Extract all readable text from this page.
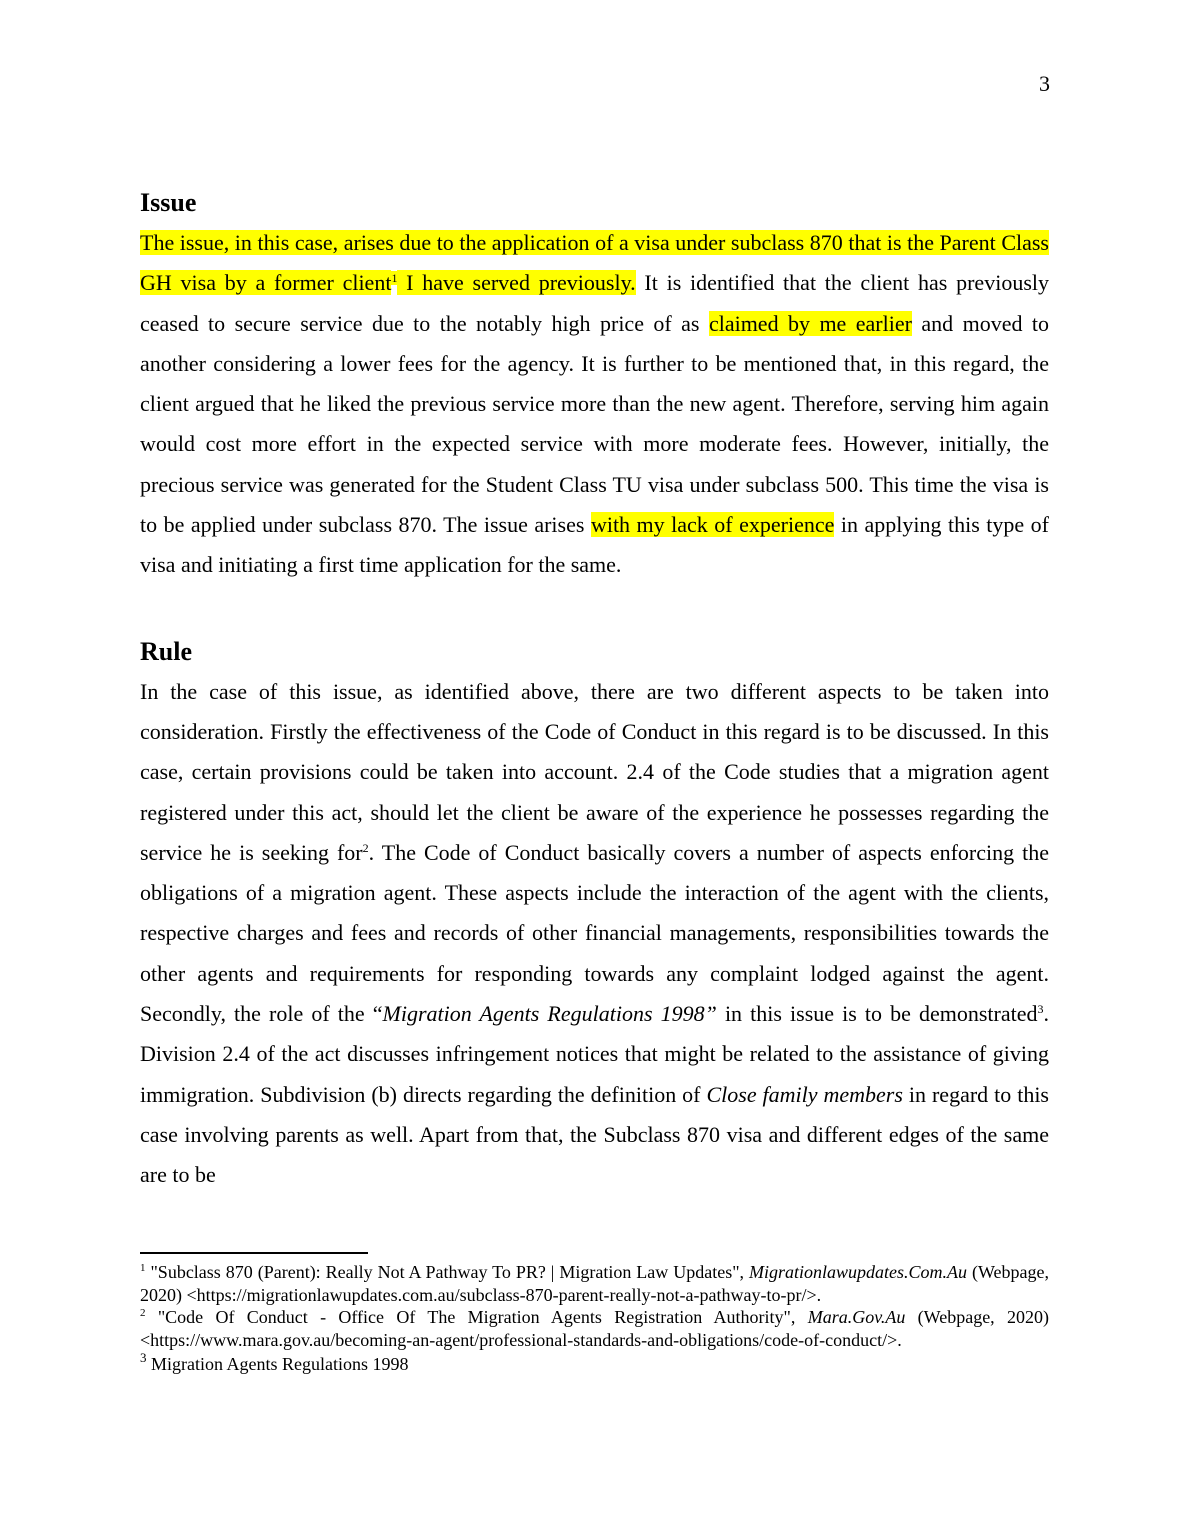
3
Issue

The issue, in this case, arises due to the application of a visa under subclass 870 that is the Parent Class GH visa by a former client$^1$ I have served previously. It is identified that the client has previously ceased to secure service due to the notably high price of as claimed by me earlier and moved to another considering a lower fees for the agency. It is further to be mentioned that, in this regard, the client argued that he liked the previous service more than the new agent. Therefore, serving him again would cost more effort in the expected service with more moderate fees. However, initially, the precious service was generated for the Student Class TU visa under subclass 500. This time the visa is to be applied under subclass 870. The issue arises with my lack of experience in applying this type of visa and initiating a first time application for the same.

Rule

In the case of this issue, as identified above, there are two different aspects to be taken into consideration. Firstly the effectiveness of the Code of Conduct in this regard is to be discussed. In this case, certain provisions could be taken into account. 2.4 of the Code studies that a migration agent registered under this act, should let the client be aware of the experience he possesses regarding the service he is seeking for$^2$. The Code of Conduct basically covers a number of aspects enforcing the obligations of a migration agent. These aspects include the interaction of the agent with the clients, respective charges and fees and records of other financial managements, responsibilities towards the other agents and requirements for responding towards any complaint lodged against the agent. Secondly, the role of the “Migration Agents Regulations 1998” in this issue is to be demonstrated$^3$. Division 2.4 of the act discusses infringement notices that might be related to the assistance of giving immigration. Subdivision (b) directs regarding the definition of Close family members in regard to this case involving parents as well. Apart from that, the Subclass 870 visa and different edges of the same are to be

$^1$ "Subclass 870 (Parent): Really Not A Pathway To PR? | Migration Law Updates", Migrationlawupdates.Com.Au (Webpage, 2020) <https://migrationlawupdates.com.au/subclass-870-parent-really-not-a-pathway-to-pr/>.

$^2$ "Code Of Conduct - Office Of The Migration Agents Registration Authority", Mara.Gov.Au (Webpage, 2020) <https://www.mara.gov.au/becoming-an-agent/professional-standards-and-obligations/code-of-conduct/>.

$^3$ Migration Agents Regulations 1998
